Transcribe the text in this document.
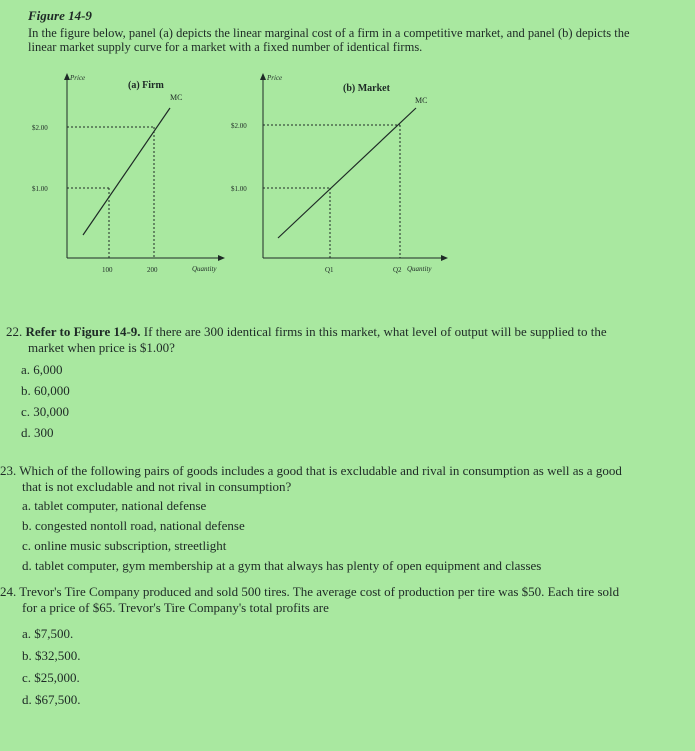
Figure 14-9
In the figure below, panel (a) depicts the linear marginal cost of a firm in a competitive market, and panel (b) depicts the linear market supply curve for a market with a fixed number of identical firms.
Price
(a) Firm
MC
$2.00
$1.00
100	200	Quantity
Price
(b) Market
MC
$2.00
$1.00
Q1	Q2 Quantity
22. Refer to Figure 14-9. If there are 300 identical firms in this market, what level of output will be supplied to the
market when price is $1.00?
a. 6,000
b. 60,000
c. 30,000
d. 300
23. Which of the following pairs of goods includes a good that is excludable and rival in consumption as well as a good
that is not excludable and not rival in consumption?
a. tablet computer, national defense
b. congested nontoll road, national defense
c. online music subscription, streetlight
d. tablet computer, gym membership at a gym that always has plenty of open equipment and classes
24. Trevor's Tire Company produced and sold 500 tires. The average cost of production per tire was $50. Each tire sold
for a price of $65. Trevor's Tire Company's total profits are
a. $7,500.
b. $32,500.
c. $25,000.
d. $67,500.
